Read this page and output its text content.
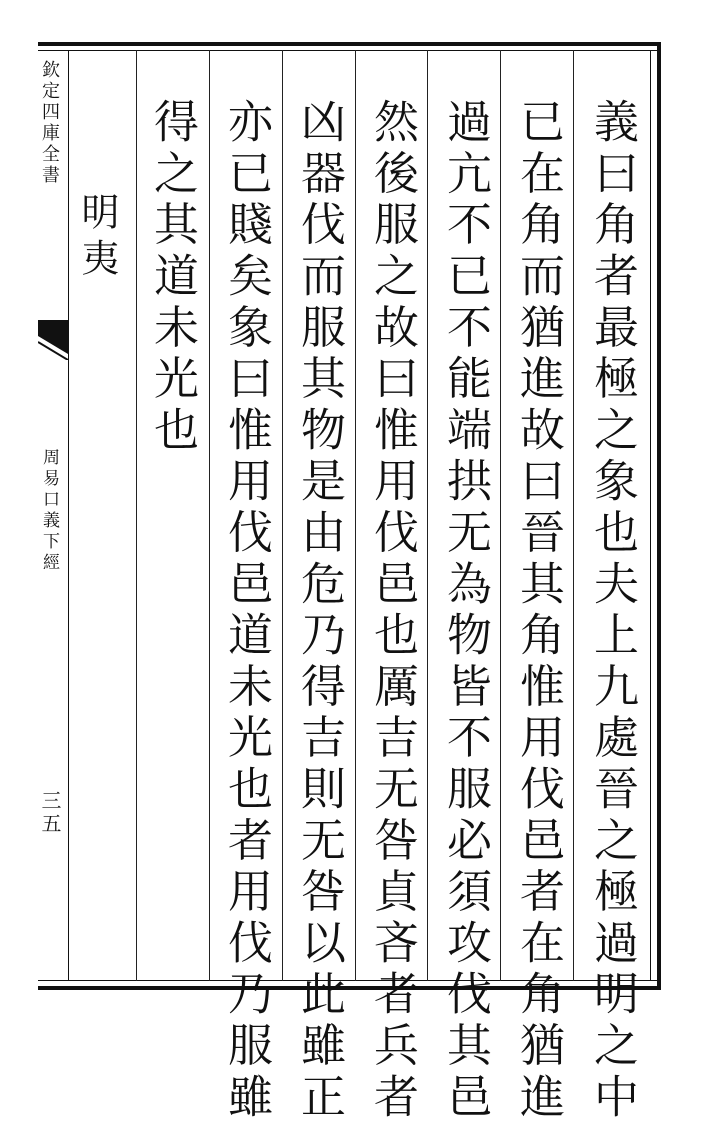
欽定四庫全書
周易口義下經
三五	義曰角者最極之象也夫上九處晉之極過明之中
已在角而猶進故曰晉其角惟用伐邑者在角猶進
過亢不已不能端拱无為物皆不服必須攻伐其邑
然後服之故曰惟用伐邑也厲吉无咎貞吝者兵者
凶器伐而服其物是由危乃得吉則无咎以此雖正
亦已賤矣象曰惟用伐邑道未光也者用伐乃服雖
得之其道未光也
明夷
